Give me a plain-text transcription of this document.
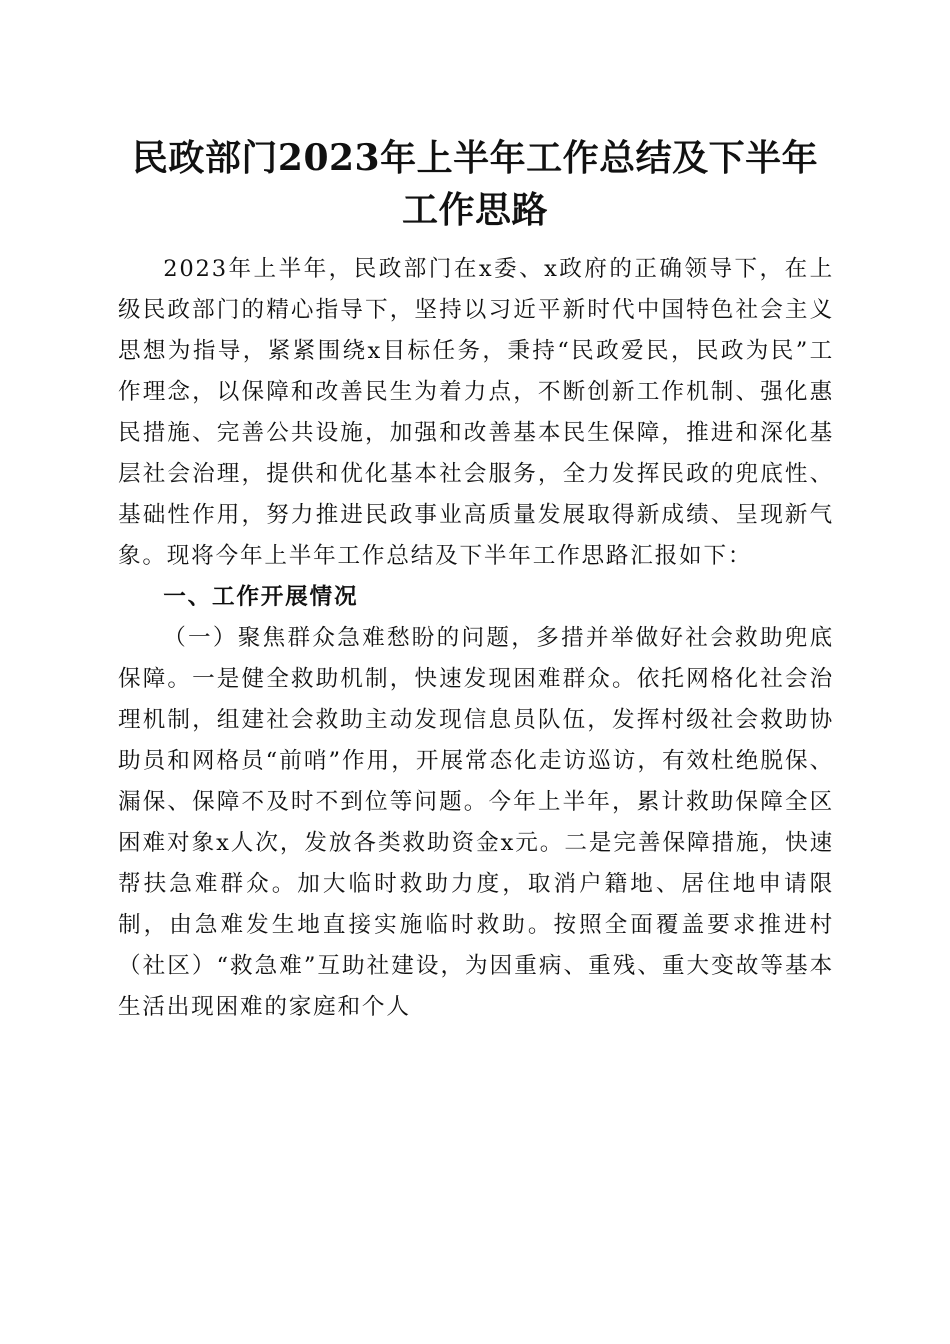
民政部门2023年上半年工作总结及下半年工作思路

2023年上半年，民政部门在x委、x政府的正确领导下，在上级民政部门的精心指导下，坚持以习近平新时代中国特色社会主义思想为指导，紧紧围绕x目标任务，秉持“民政爱民，民政为民”工作理念，以保障和改善民生为着力点，不断创新工作机制、强化惠民措施、完善公共设施，加强和改善基本民生保障，推进和深化基层社会治理，提供和优化基本社会服务，全力发挥民政的兜底性、基础性作用，努力推进民政事业高质量发展取得新成绩、呈现新气象。现将今年上半年工作总结及下半年工作思路汇报如下：

一、工作开展情况

（一）聚焦群众急难愁盼的问题，多措并举做好社会救助兜底保障。一是健全救助机制，快速发现困难群众。依托网格化社会治理机制，组建社会救助主动发现信息员队伍，发挥村级社会救助协助员和网格员“前哨”作用，开展常态化走访巡访，有效杜绝脱保、漏保、保障不及时不到位等问题。今年上半年，累计救助保障全区困难对象x人次，发放各类救助资金x元。二是完善保障措施，快速帮扶急难群众。加大临时救助力度，取消户籍地、居住地申请限制，由急难发生地直接实施临时救助。按照全面覆盖要求推进村（社区）“救急难”互助社建设，为因重病、重残、重大变故等基本生活出现困难的家庭和个人
